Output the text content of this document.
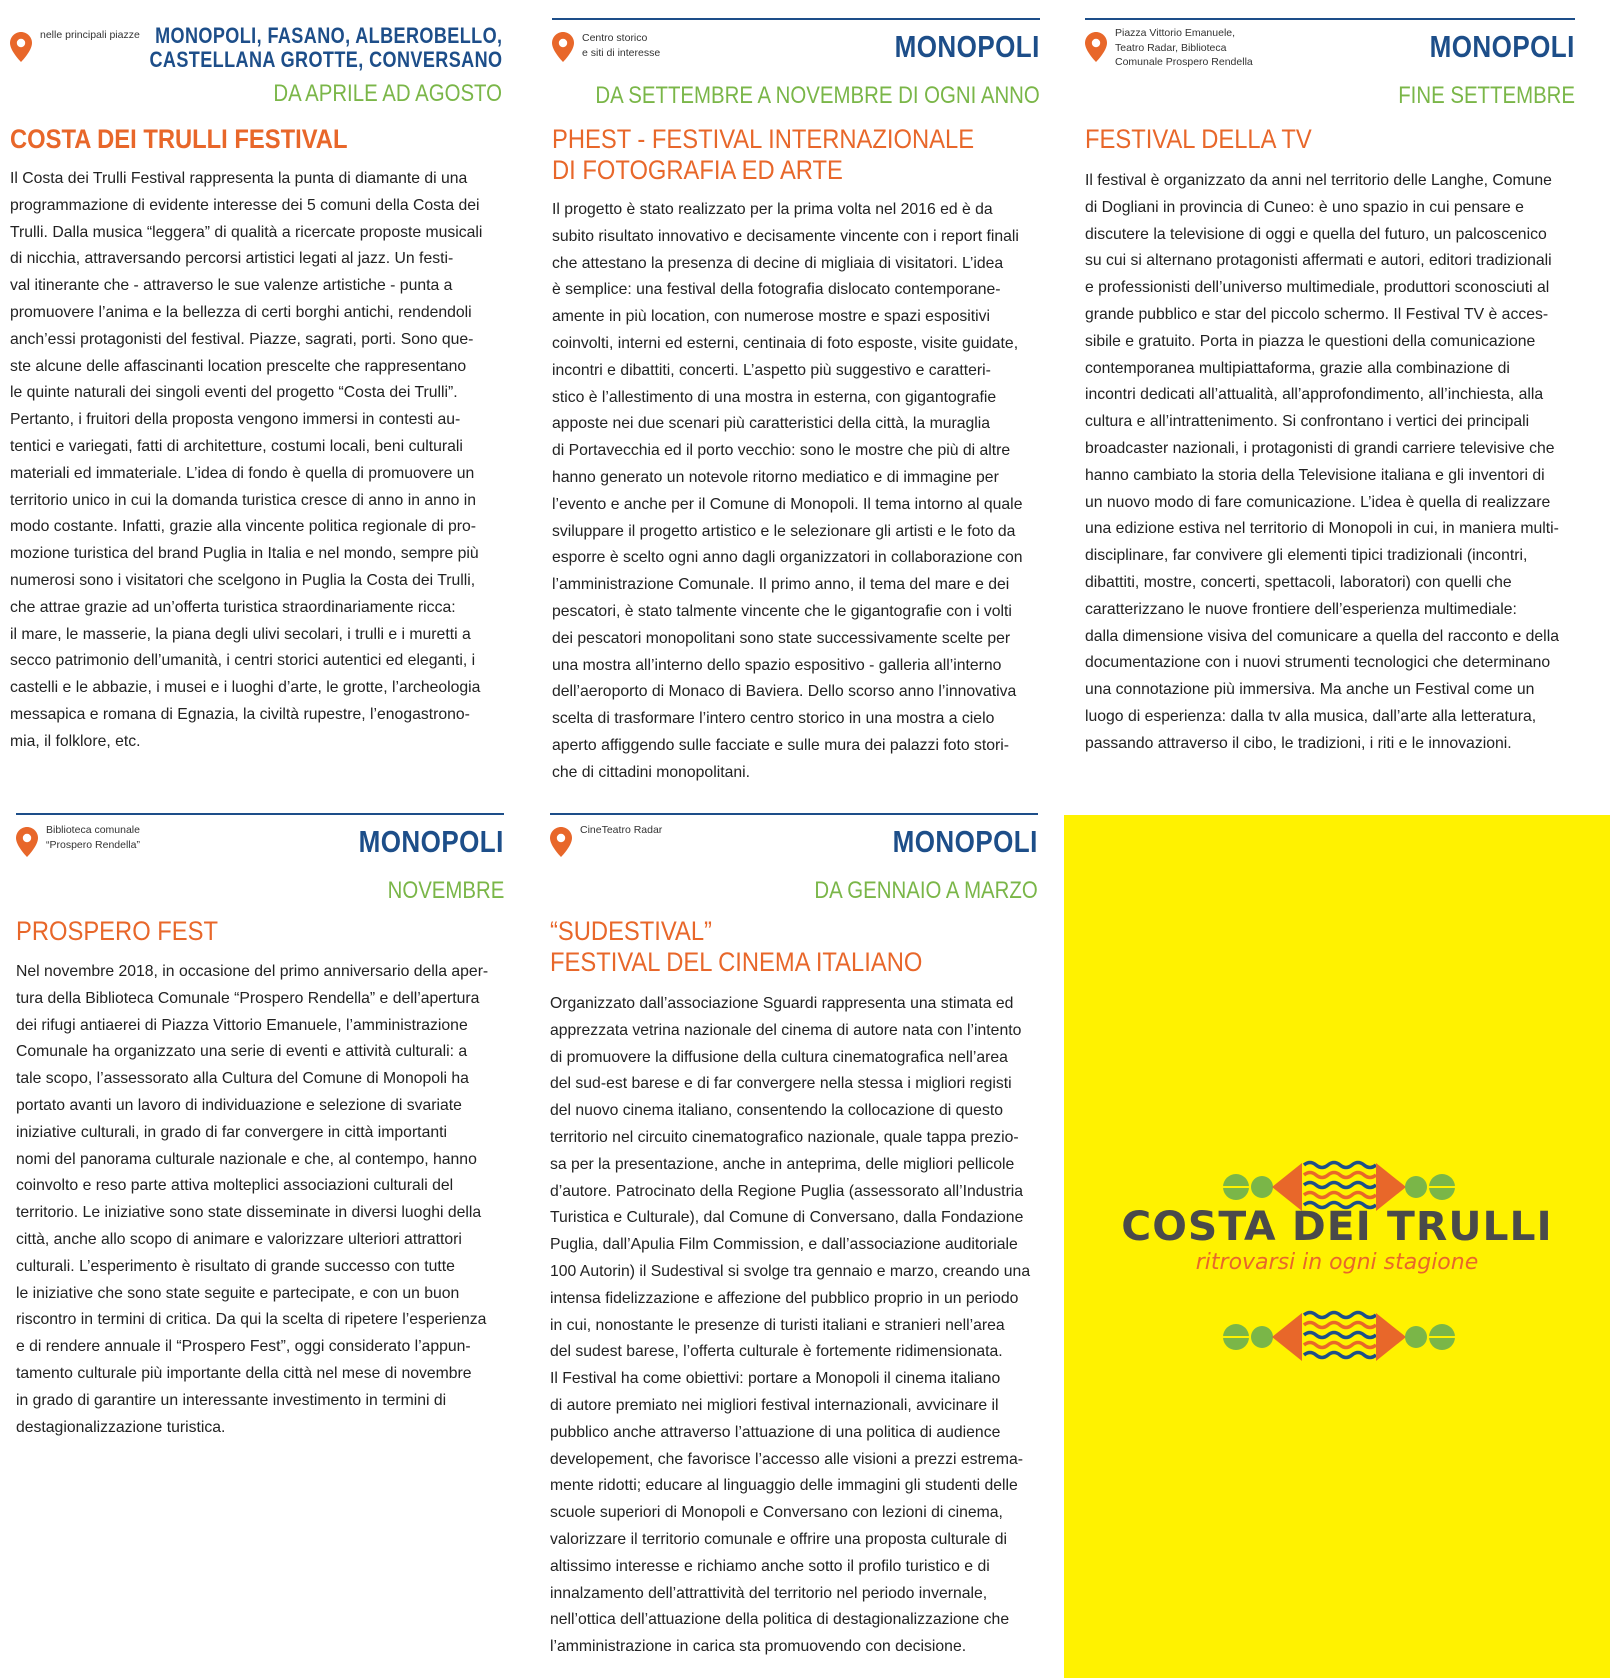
nelle principali piazze MONOPOLI, FASANO, ALBEROBELLO,
CASTELLANA GROTTE, CONVERSANO
DA APRILE AD AGOSTO
COSTA DEI TRULLI FESTIVAL
Il Costa dei Trulli Festival rappresenta la punta di diamante di una
programmazione di evidente interesse dei 5 comuni della Costa dei
Trulli. Dalla musica “leggera” di qualità a ricercate proposte musicali
di nicchia, attraversando percorsi artistici legati al jazz. Un festi-
val itinerante che - attraverso le sue valenze artistiche - punta a
promuovere l’anima e la bellezza di certi borghi antichi, rendendoli
anch’essi protagonisti del festival. Piazze, sagrati, porti. Sono que-
ste alcune delle affascinanti location prescelte che rappresentano
le quinte naturali dei singoli eventi del progetto “Costa dei Trulli”.
Pertanto, i fruitori della proposta vengono immersi in contesti au-
tentici e variegati, fatti di architetture, costumi locali, beni culturali
materiali ed immateriale. L’idea di fondo è quella di promuovere un
territorio unico in cui la domanda turistica cresce di anno in anno in
modo costante. Infatti, grazie alla vincente politica regionale di pro-
mozione turistica del brand Puglia in Italia e nel mondo, sempre più
numerosi sono i visitatori che scelgono in Puglia la Costa dei Trulli,
che attrae grazie ad un’offerta turistica straordinariamente ricca:
il mare, le masserie, la piana degli ulivi secolari, i trulli e i muretti a
secco patrimonio dell’umanità, i centri storici autentici ed eleganti, i
castelli e le abbazie, i musei e i luoghi d’arte, le grotte, l’archeologia
messapica e romana di Egnazia, la civiltà rupestre, l’enogastrono-
mia, il folklore, etc.
Centro storico
e siti di interesse	MONOPOLI
DA SETTEMBRE A NOVEMBRE DI OGNI ANNO
PHEST - FESTIVAL INTERNAZIONALE
DI FOTOGRAFIA ED ARTE
Il progetto è stato realizzato per la prima volta nel 2016 ed è da
subito risultato innovativo e decisamente vincente con i report finali
che attestano la presenza di decine di migliaia di visitatori. L’idea
è semplice: una festival della fotografia dislocato contemporane-
amente in più location, con numerose mostre e spazi espositivi
coinvolti, interni ed esterni, centinaia di foto esposte, visite guidate,
incontri e dibattiti, concerti. L’aspetto più suggestivo e caratteri-
stico è l’allestimento di una mostra in esterna, con gigantografie
apposte nei due scenari più caratteristici della città, la muraglia
di Portavecchia ed il porto vecchio: sono le mostre che più di altre
hanno generato un notevole ritorno mediatico e di immagine per
l’evento e anche per il Comune di Monopoli. Il tema intorno al quale
sviluppare il progetto artistico e le selezionare gli artisti e le foto da
esporre è scelto ogni anno dagli organizzatori in collaborazione con
l’amministrazione Comunale. Il primo anno, il tema del mare e dei
pescatori, è stato talmente vincente che le gigantografie con i volti
dei pescatori monopolitani sono state successivamente scelte per
una mostra all’interno dello spazio espositivo - galleria all’interno
dell’aeroporto di Monaco di Baviera. Dello scorso anno l’innovativa
scelta di trasformare l’intero centro storico in una mostra a cielo
aperto affiggendo sulle facciate e sulle mura dei palazzi foto stori-
che di cittadini monopolitani.
Piazza Vittorio Emanuele,
Teatro Radar, Biblioteca
Comunale Prospero Rendella	MONOPOLI
FINE SETTEMBRE
FESTIVAL DELLA TV
Il festival è organizzato da anni nel territorio delle Langhe, Comune
di Dogliani in provincia di Cuneo: è uno spazio in cui pensare e
discutere la televisione di oggi e quella del futuro, un palcoscenico
su cui si alternano protagonisti affermati e autori, editori tradizionali
e professionisti dell’universo multimediale, produttori sconosciuti al
grande pubblico e star del piccolo schermo. Il Festival TV è acces-
sibile e gratuito. Porta in piazza le questioni della comunicazione
contemporanea multipiattaforma, grazie alla combinazione di
incontri dedicati all’attualità, all’approfondimento, all’inchiesta, alla
cultura e all’intrattenimento. Si confrontano i vertici dei principali
broadcaster nazionali, i protagonisti di grandi carriere televisive che
hanno cambiato la storia della Televisione italiana e gli inventori di
un nuovo modo di fare comunicazione. L’idea è quella di realizzare
una edizione estiva nel territorio di Monopoli in cui, in maniera multi-
disciplinare, far convivere gli elementi tipici tradizionali (incontri,
dibattiti, mostre, concerti, spettacoli, laboratori) con quelli che
caratterizzano le nuove frontiere dell’esperienza multimediale:
dalla dimensione visiva del comunicare a quella del racconto e della
documentazione con i nuovi strumenti tecnologici che determinano
una connotazione più immersiva. Ma anche un Festival come un
luogo di esperienza: dalla tv alla musica, dall’arte alla letteratura,
passando attraverso il cibo, le tradizioni, i riti e le innovazioni.
Biblioteca comunale
“Prospero Rendella”	MONOPOLI
NOVEMBRE
PROSPERO FEST
Nel novembre 2018, in occasione del primo anniversario della aper-
tura della Biblioteca Comunale “Prospero Rendella” e dell’apertura
dei rifugi antiaerei di Piazza Vittorio Emanuele, l’amministrazione
Comunale ha organizzato una serie di eventi e attività culturali: a
tale scopo, l’assessorato alla Cultura del Comune di Monopoli ha
portato avanti un lavoro di individuazione e selezione di svariate
iniziative culturali, in grado di far convergere in città importanti
nomi del panorama culturale nazionale e che, al contempo, hanno
coinvolto e reso parte attiva molteplici associazioni culturali del
territorio. Le iniziative sono state disseminate in diversi luoghi della
città, anche allo scopo di animare e valorizzare ulteriori attrattori
culturali. L’esperimento è risultato di grande successo con tutte
le iniziative che sono state seguite e partecipate, e con un buon
riscontro in termini di critica. Da qui la scelta di ripetere l’esperienza
e di rendere annuale il “Prospero Fest”, oggi considerato l’appun-
tamento culturale più importante della città nel mese di novembre
in grado di garantire un interessante investimento in termini di
destagionalizzazione turistica.
CineTeatro Radar	MONOPOLI
DA GENNAIO A MARZO
“SUDESTIVAL”
FESTIVAL DEL CINEMA ITALIANO
Organizzato dall’associazione Sguardi rappresenta una stimata ed
apprezzata vetrina nazionale del cinema di autore nata con l’intento
di promuovere la diffusione della cultura cinematografica nell’area
del sud-est barese e di far convergere nella stessa i migliori registi
del nuovo cinema italiano, consentendo la collocazione di questo
territorio nel circuito cinematografico nazionale, quale tappa prezio-
sa per la presentazione, anche in anteprima, delle migliori pellicole
d’autore. Patrocinato della Regione Puglia (assessorato all’Industria
Turistica e Culturale), dal Comune di Conversano, dalla Fondazione
Puglia, dall’Apulia Film Commission, e dall’associazione auditoriale
100 Autorin) il Sudestival si svolge tra gennaio e marzo, creando una
intensa fidelizzazione e affezione del pubblico proprio in un periodo
in cui, nonostante le presenze di turisti italiani e stranieri nell’area
del sudest barese, l’offerta culturale è fortemente ridimensionata.
Il Festival ha come obiettivi: portare a Monopoli il cinema italiano
di autore premiato nei migliori festival internazionali, avvicinare il
pubblico anche attraverso l’attuazione di una politica di audience
developement, che favorisce l’accesso alle visioni a prezzi estrema-
mente ridotti; educare al linguaggio delle immagini gli studenti delle
scuole superiori di Monopoli e Conversano con lezioni di cinema,
valorizzare il territorio comunale e offrire una proposta culturale di
altissimo interesse e richiamo anche sotto il profilo turistico e di
innalzamento dell’attrattività del territorio nel periodo invernale,
nell’ottica dell’attuazione della politica di destagionalizzazione che
l’amministrazione in carica sta promuovendo con decisione.
COSTA DEI TRULLI
ritrovarsi in ogni stagione
